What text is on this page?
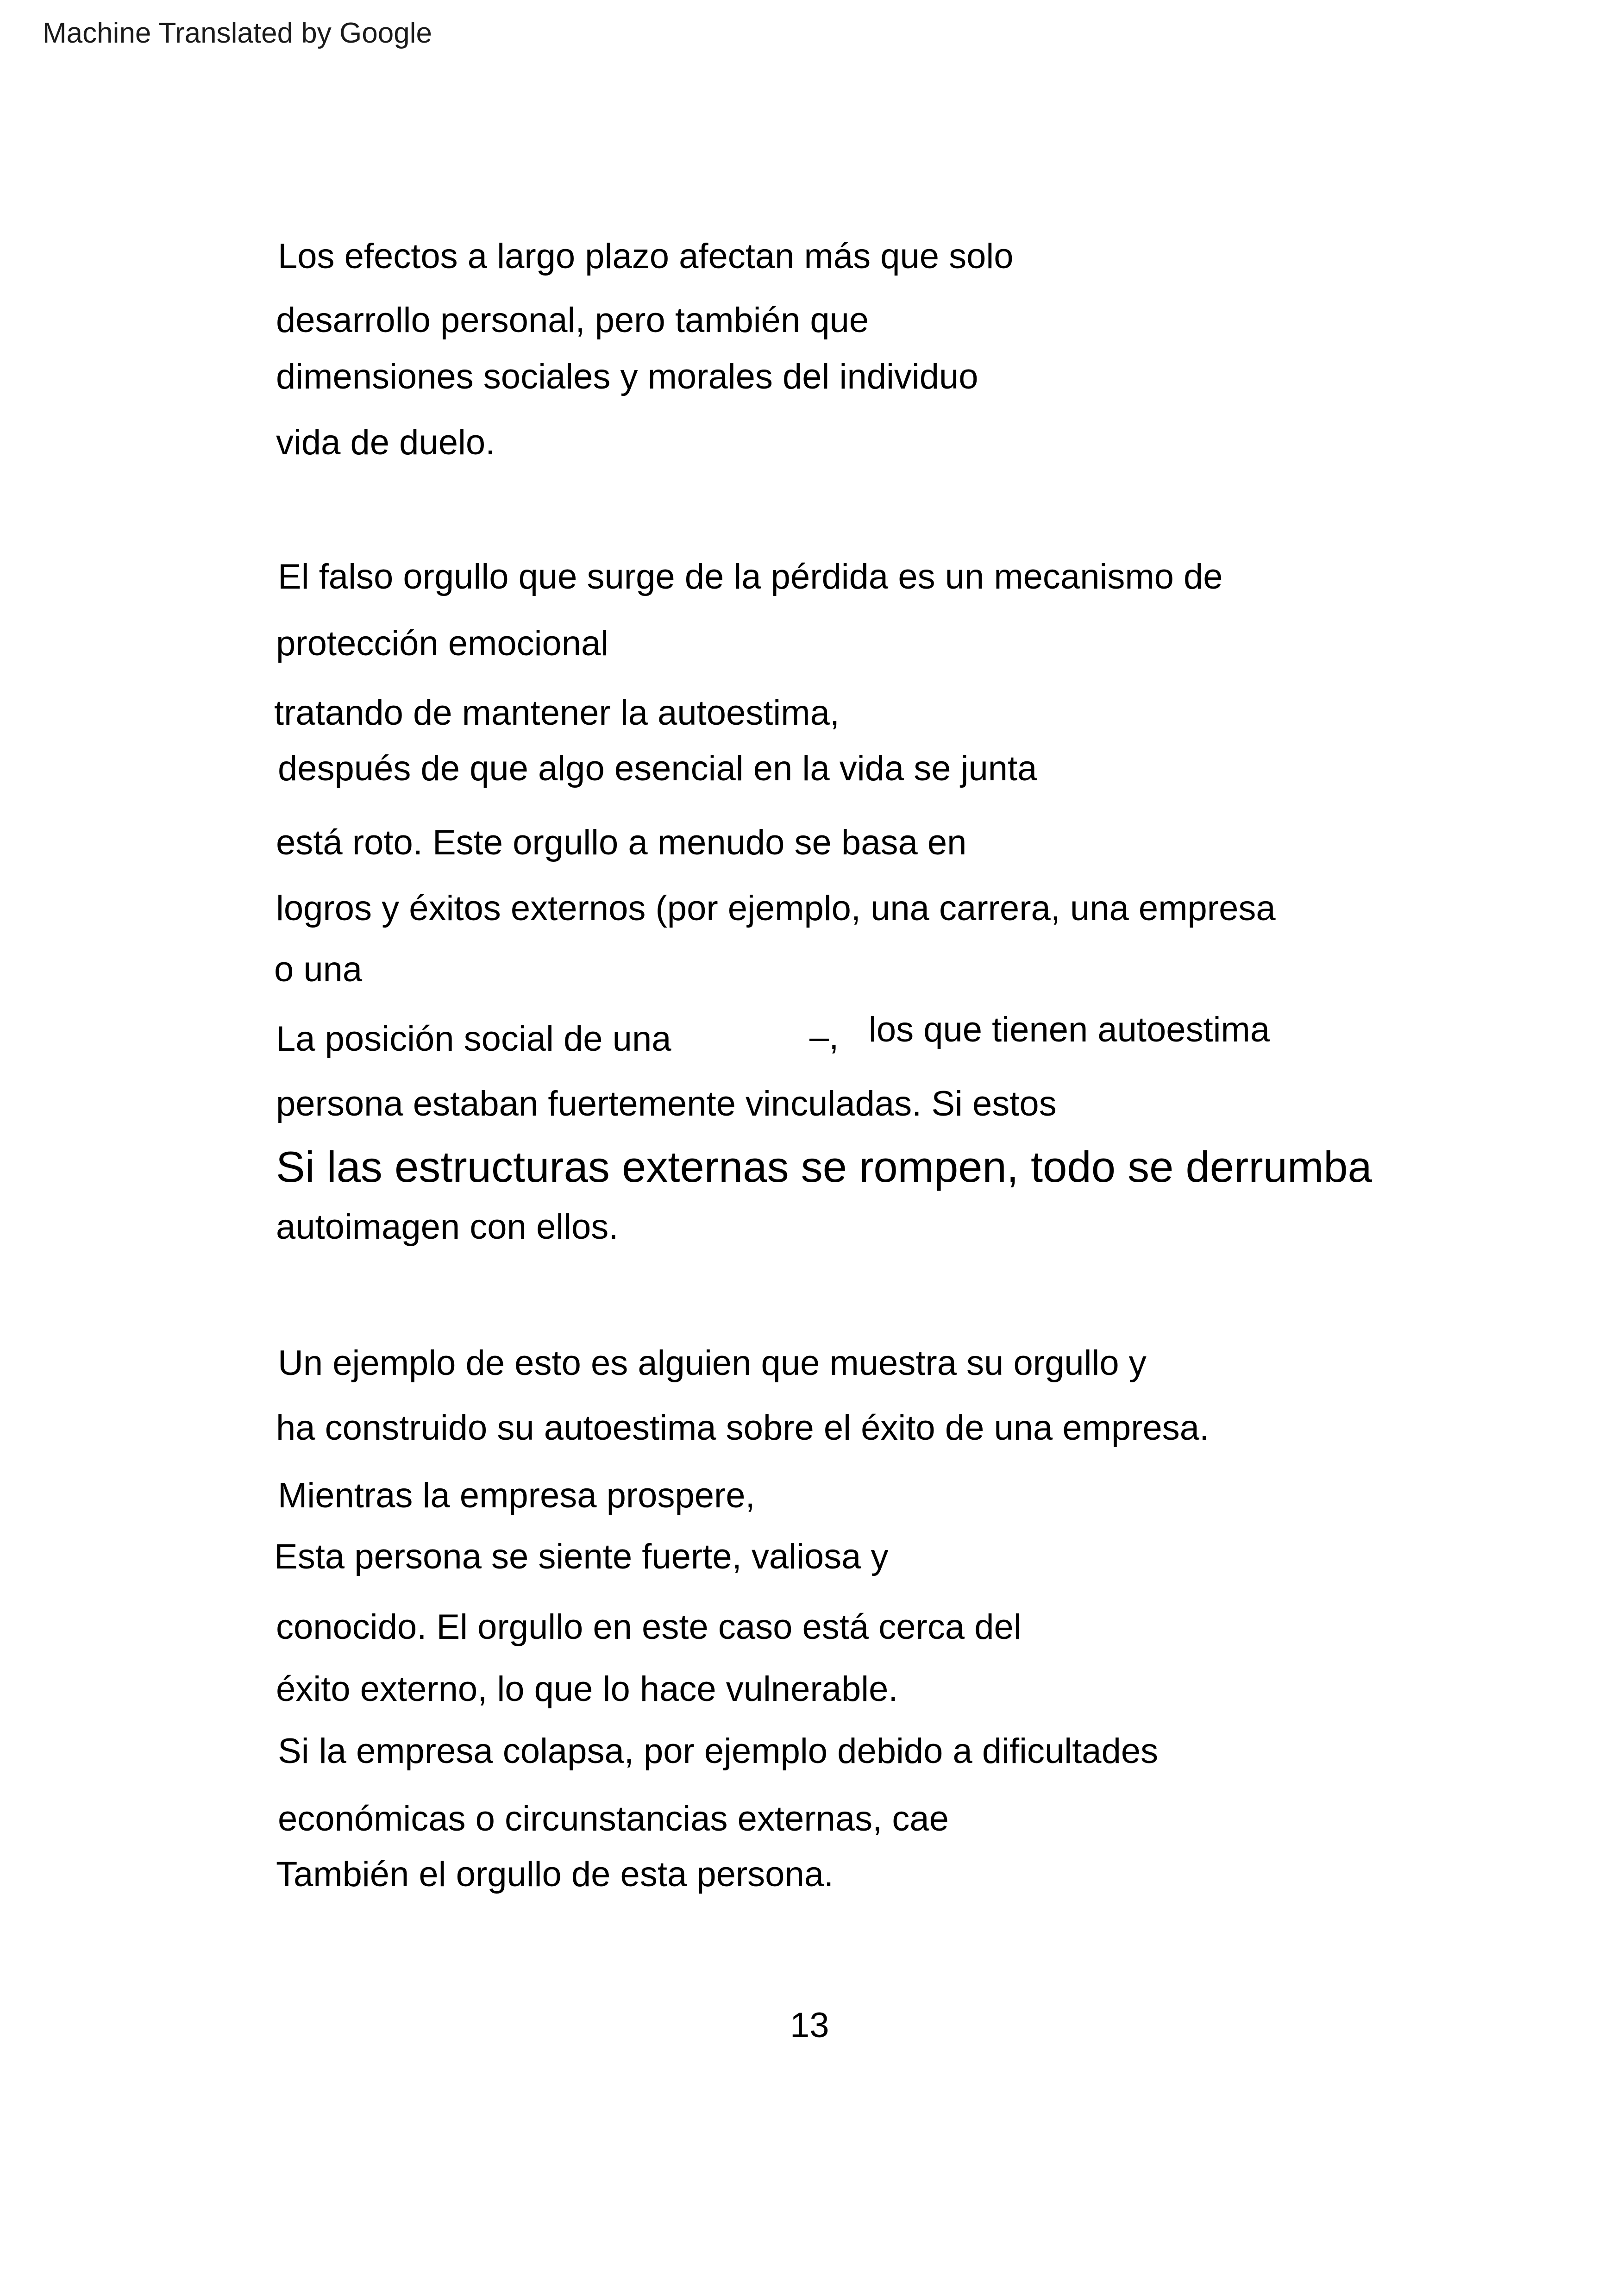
Machine Translated by Google
Los efectos a largo plazo afectan más que solo
desarrollo personal, pero también que
dimensiones sociales y morales del individuo
vida de duelo.
El falso orgullo que surge de la pérdida es un mecanismo de
protección emocional
tratando de mantener la autoestima,
después de que algo esencial en la vida se junta
está roto. Este orgullo a menudo se basa en
logros y éxitos externos (por ejemplo, una carrera, una empresa
o una
La posición social de una	–, los que tienen autoestima
persona estaban fuertemente vinculadas. Si estos
Si las estructuras externas se rompen, todo se derrumba
autoimagen con ellos.
Un ejemplo de esto es alguien que muestra su orgullo y
ha construido su autoestima sobre el éxito de una empresa.
Mientras la empresa prospere,
Esta persona se siente fuerte, valiosa y
conocido. El orgullo en este caso está cerca del
éxito externo, lo que lo hace vulnerable.
Si la empresa colapsa, por ejemplo debido a dificultades
económicas o circunstancias externas, cae
También el orgullo de esta persona.
13
